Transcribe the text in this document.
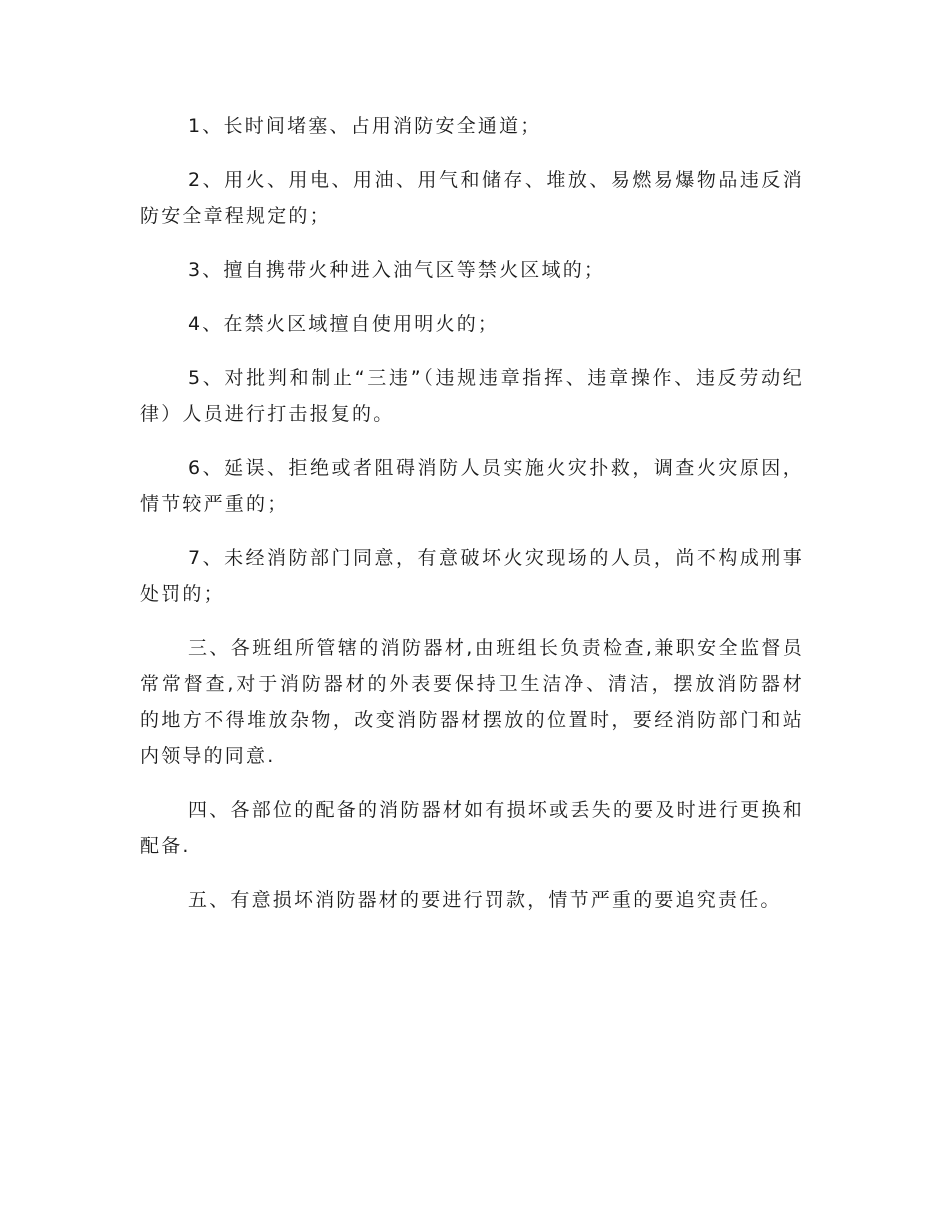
1、长时间堵塞、占用消防安全通道；

2、用火、用电、用油、用气和储存、堆放、易燃易爆物品违反消防安全章程规定的；

3、擅自携带火种进入油气区等禁火区域的；

4、在禁火区域擅自使用明火的；

5、对批判和制止“三违”（违规违章指挥、违章操作、违反劳动纪律）人员进行打击报复的。

6、延误、拒绝或者阻碍消防人员实施火灾扑救，调查火灾原因，情节较严重的；

7、未经消防部门同意，有意破坏火灾现场的人员，尚不构成刑事处罚的；

三、各班组所管辖的消防器材,由班组长负责检查,兼职安全监督员常常督查,对于消防器材的外表要保持卫生洁净、清洁，摆放消防器材的地方不得堆放杂物，改变消防器材摆放的位置时，要经消防部门和站内领导的同意.

四、各部位的配备的消防器材如有损坏或丢失的要及时进行更换和配备.

五、有意损坏消防器材的要进行罚款，情节严重的要追究责任。
